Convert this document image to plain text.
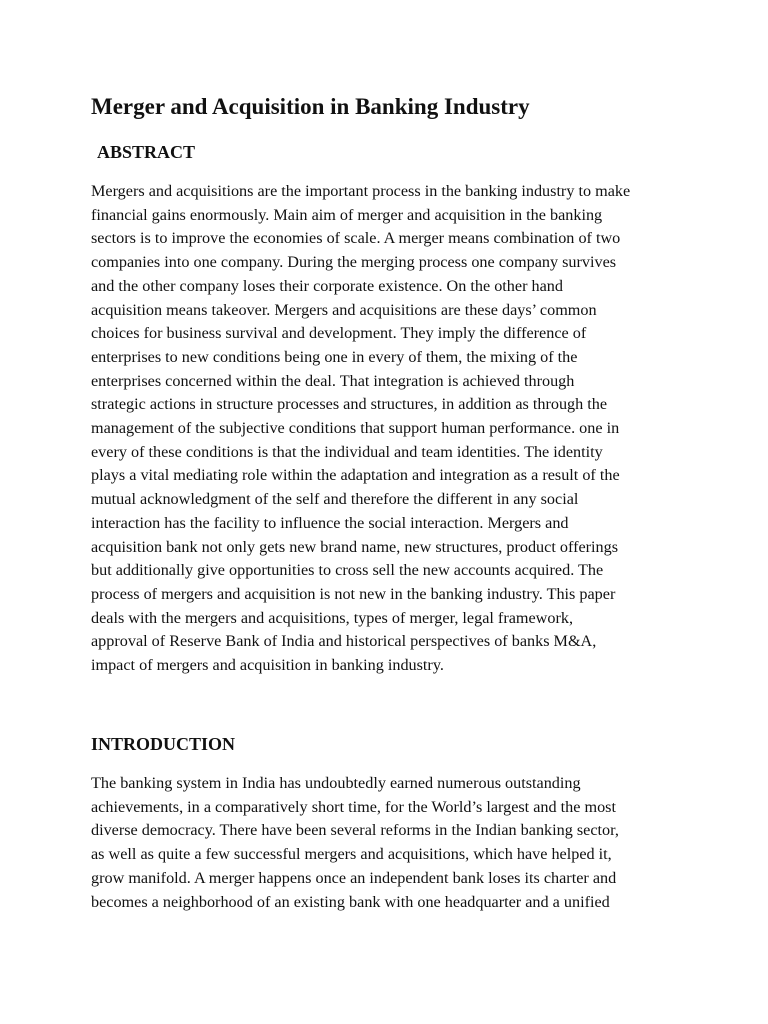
Merger and Acquisition in Banking Industry
ABSTRACT

Mergers and acquisitions are the important process in the banking industry to make
financial gains enormously. Main aim of merger and acquisition in the banking
sectors is to improve the economies of scale. A merger means combination of two
companies into one company. During the merging process one company survives
and the other company loses their corporate existence. On the other hand
acquisition means takeover. Mergers and acquisitions are these days’ common
choices for business survival and development. They imply the difference of
enterprises to new conditions being one in every of them, the mixing of the
enterprises concerned within the deal. That integration is achieved through
strategic actions in structure processes and structures, in addition as through the
management of the subjective conditions that support human performance. one in
every of these conditions is that the individual and team identities. The identity
plays a vital mediating role within the adaptation and integration as a result of the
mutual acknowledgment of the self and therefore the different in any social
interaction has the facility to influence the social interaction. Mergers and
acquisition bank not only gets new brand name, new structures, product offerings
but additionally give opportunities to cross sell the new accounts acquired. The
process of mergers and acquisition is not new in the banking industry. This paper
deals with the mergers and acquisitions, types of merger, legal framework,
approval of Reserve Bank of India and historical perspectives of banks M&A,
impact of mergers and acquisition in banking industry.

INTRODUCTION

The banking system in India has undoubtedly earned numerous outstanding
achievements, in a comparatively short time, for the World’s largest and the most
diverse democracy. There have been several reforms in the Indian banking sector,
as well as quite a few successful mergers and acquisitions, which have helped it,
grow manifold. A merger happens once an independent bank loses its charter and
becomes a neighborhood of an existing bank with one headquarter and a unified
